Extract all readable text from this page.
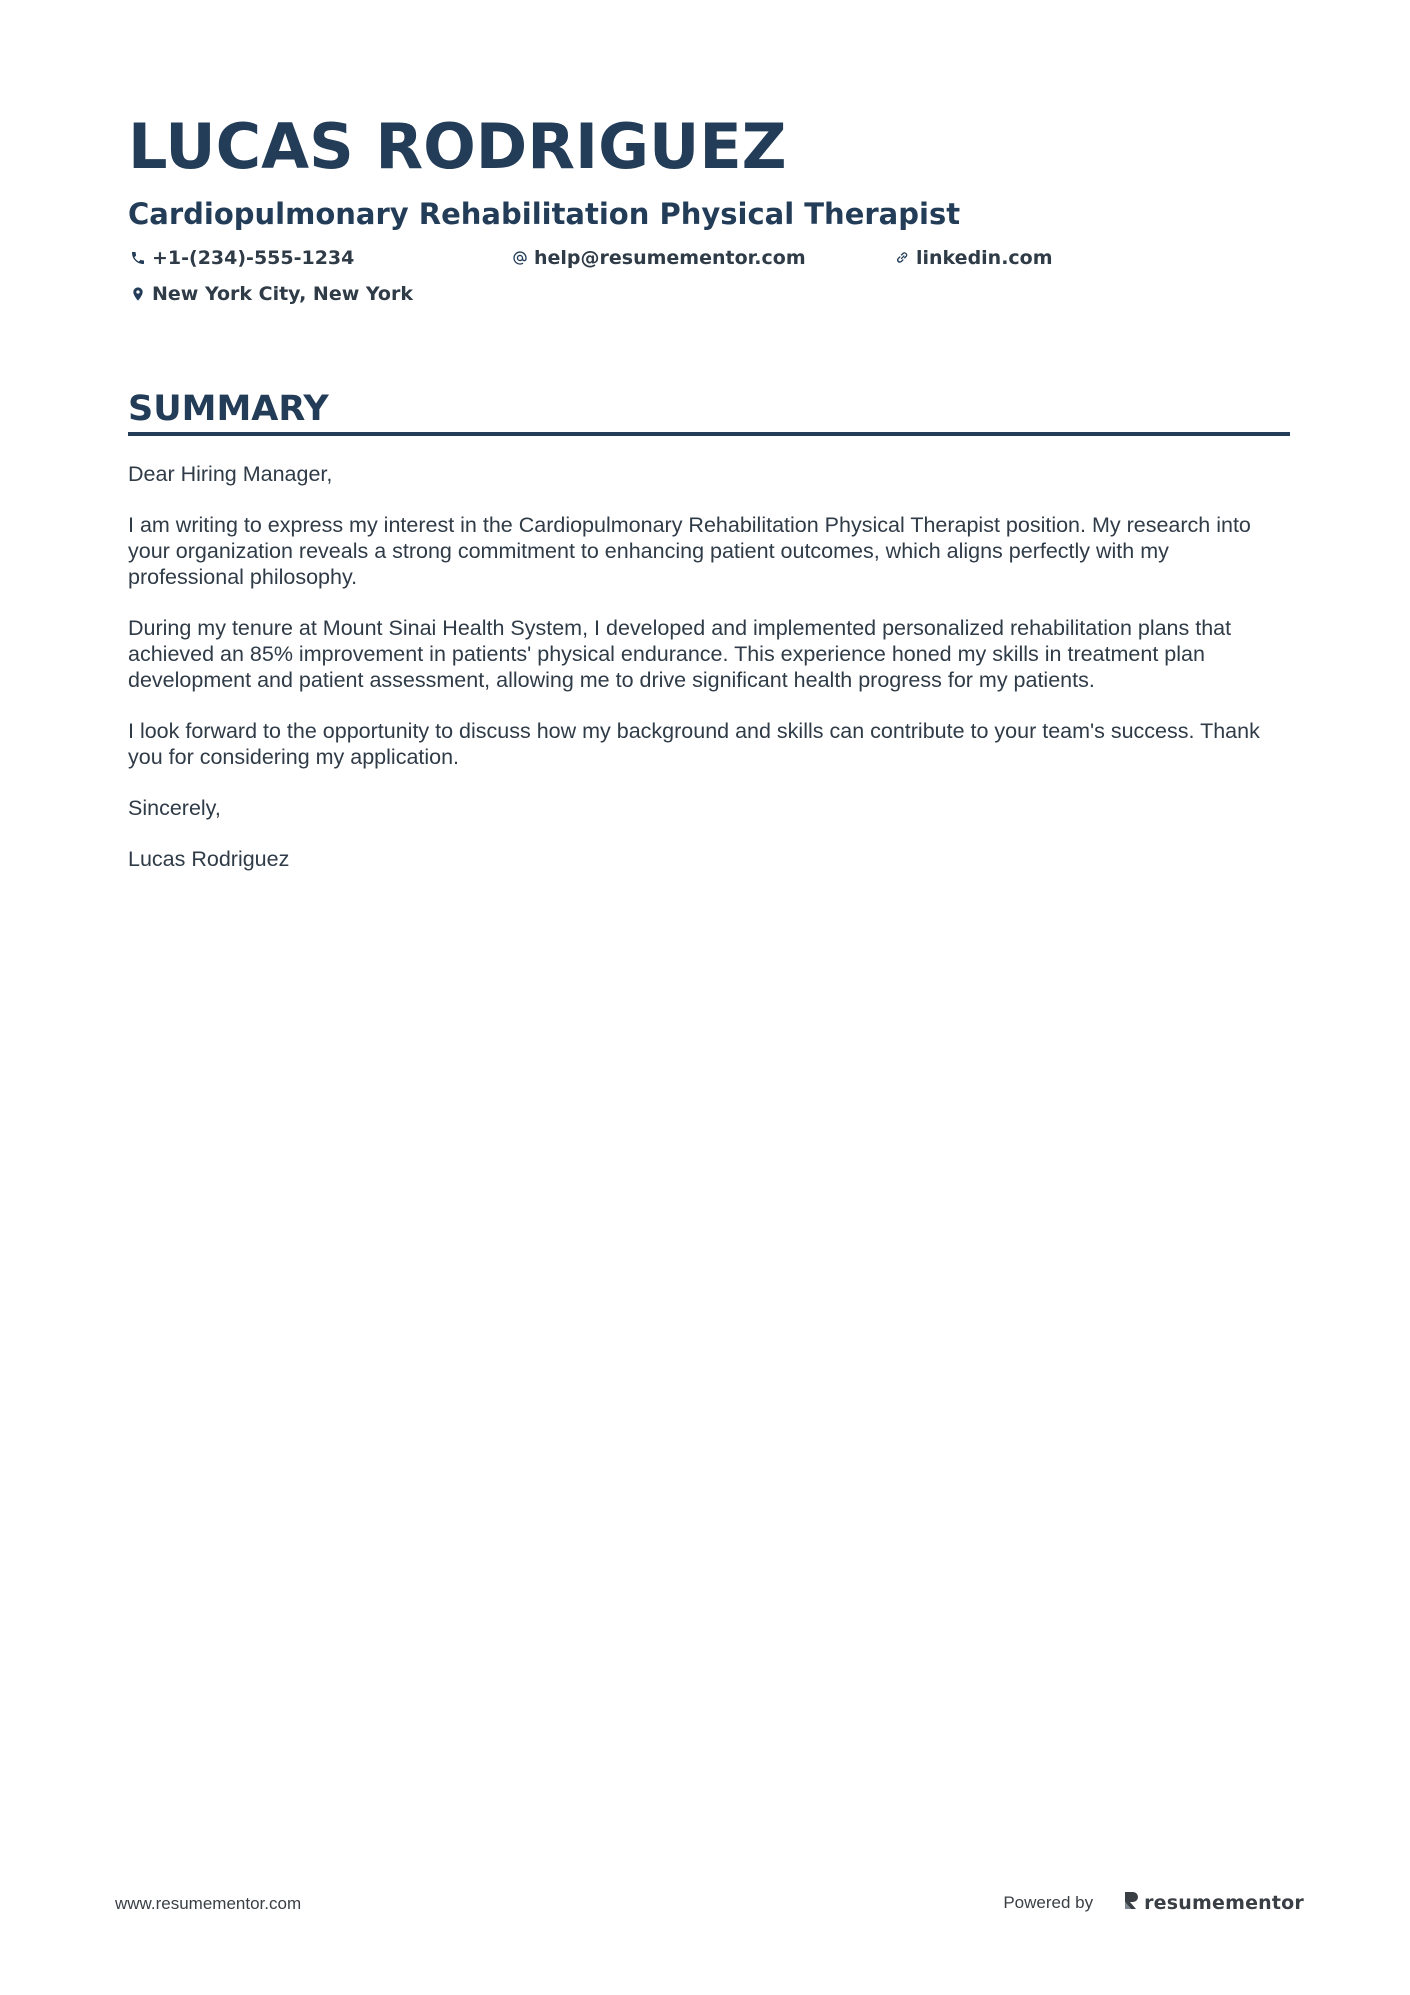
LUCAS RODRIGUEZ
Cardiopulmonary Rehabilitation Physical Therapist
+1-(234)-555-1234	help@resumementor.com	linkedin.com
New York City, New York
SUMMARY

Dear Hiring Manager,

I am writing to express my interest in the Cardiopulmonary Rehabilitation Physical Therapist position. My research into your organization reveals a strong commitment to enhancing patient outcomes, which aligns perfectly with my professional philosophy.

During my tenure at Mount Sinai Health System, I developed and implemented personalized rehabilitation plans that achieved an 85% improvement in patients' physical endurance. This experience honed my skills in treatment plan development and patient assessment, allowing me to drive significant health progress for my patients.

I look forward to the opportunity to discuss how my background and skills can contribute to your team's success. Thank you for considering my application.

Sincerely,

Lucas Rodriguez

www.resumementor.com	Powered by	resumementor
